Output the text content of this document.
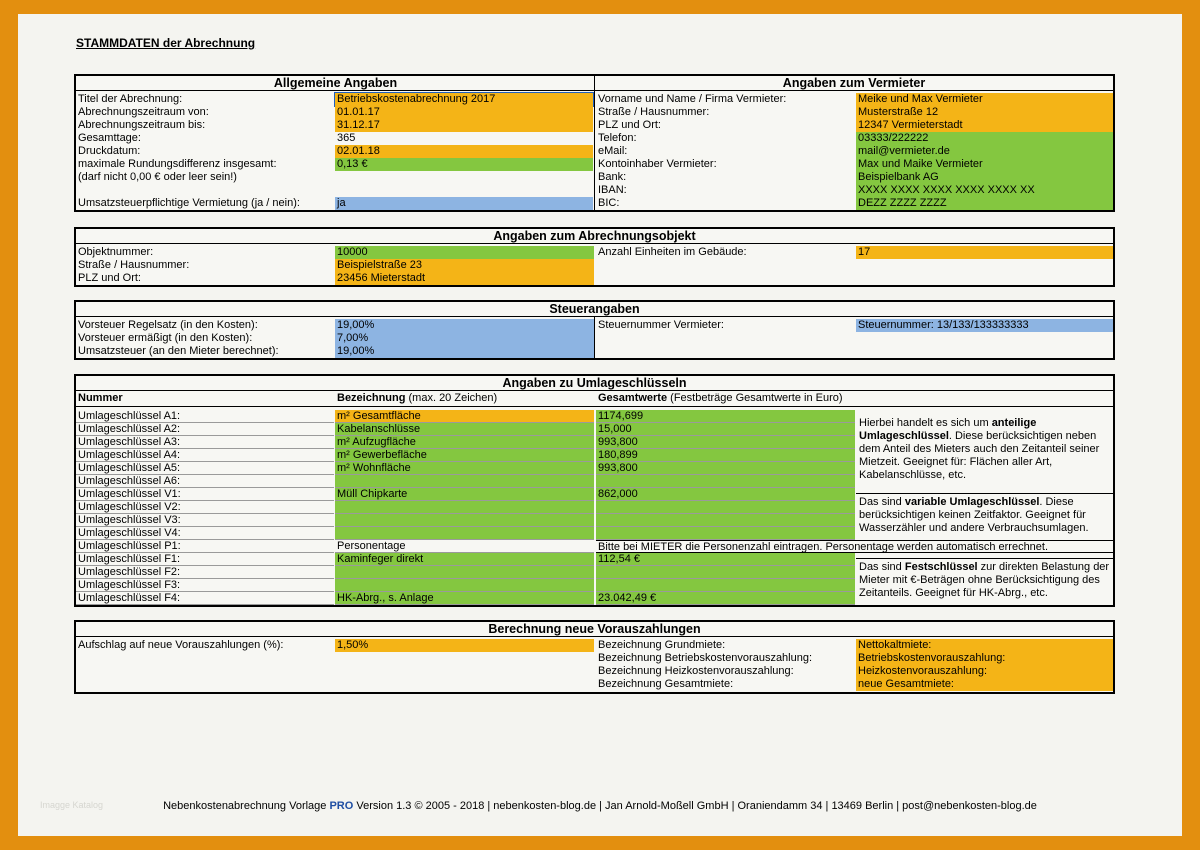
STAMMDATEN der Abrechnung
Allgemeine Angaben	Angaben zum Vermieter
Titel der Abrechnung:	Betriebskostenabrechnung 2017
Abrechnungszeitraum von:	01.01.17
Abrechnungszeitraum bis:	31.12.17
Gesamttage:	365
Druckdatum:	02.01.18
maximale Rundungsdifferenz insgesamt:	0,13 €
(darf nicht 0,00 € oder leer sein!)
Umsatzsteuerpflichtige Vermietung (ja / nein):	ja
Vorname und Name / Firma Vermieter:	Meike und Max Vermieter
Straße / Hausnummer:	Musterstraße 12
PLZ und Ort:	12347 Vermieterstadt
Telefon:	03333/222222
eMail:	mail@vermieter.de
Kontoinhaber Vermieter:	Max und Maike Vermieter
Bank:	Beispielbank AG
IBAN:	XXXX XXXX XXXX XXXX XXXX XX
BIC:	DEZZ ZZZZ ZZZZ
Angaben zum Abrechnungsobjekt
Objektnummer:	10000
Straße / Hausnummer:	Beispielstraße 23
PLZ und Ort:	23456 Mieterstadt
Anzahl Einheiten im Gebäude:	17
Steuerangaben
Vorsteuer Regelsatz (in den Kosten):	19,00%
Vorsteuer ermäßigt (in den Kosten):	7,00%
Umsatzsteuer (an den Mieter berechnet):	19,00%
Steuernummer Vermieter:	Steuernummer: 13/133/133333333
Angaben zu Umlageschlüsseln
Nummer	Bezeichnung (max. 20 Zeichen)	Gesamtwerte (Festbeträge Gesamtwerte in Euro)
Umlageschlüssel A1:	m² Gesamtfläche	1174,699
Umlageschlüssel A2:	Kabelanschlüsse	15,000
Umlageschlüssel A3:	m² Aufzugfläche	993,800
Umlageschlüssel A4:	m² Gewerbefläche	180,899
Umlageschlüssel A5:	m² Wohnfläche	993,800
Umlageschlüssel A6:
Umlageschlüssel V1:	Müll Chipkarte	862,000
Umlageschlüssel V2:
Umlageschlüssel V3:
Umlageschlüssel V4:
Umlageschlüssel P1:	Personentage	Bitte bei MIETER die Personenzahl eintragen. Personentage werden automatisch errechnet.
Umlageschlüssel F1:	Kaminfeger direkt	112,54 €
Umlageschlüssel F2:
Umlageschlüssel F3:
Umlageschlüssel F4:	HK-Abrg., s. Anlage	23.042,49 €
Hierbei handelt es sich um anteilige Umlageschlüssel. Diese berücksichtigen neben dem Anteil des Mieters auch den Zeitanteil seiner Mietzeit. Geeignet für: Flächen aller Art, Kabelanschlüsse, etc.
Das sind variable Umlageschlüssel. Diese berücksichtigen keinen Zeitfaktor. Geeignet für Wasserzähler und andere Verbrauchsumlagen.
Das sind Festschlüssel zur direkten Belastung der Mieter mit €-Beträgen ohne Berücksichtigung des Zeitanteils. Geeignet für HK-Abrg., etc.
Berechnung neue Vorauszahlungen
Aufschlag auf neue Vorauszahlungen (%):	1,50%	Bezeichnung Grundmiete:	Nettokaltmiete:
Bezeichnung Betriebskostenvorauszahlung:	Betriebskostenvorauszahlung:
Bezeichnung Heizkostenvorauszahlung:	Heizkostenvorauszahlung:
Bezeichnung Gesamtmiete:	neue Gesamtmiete:
Imagge Katalog	Nebenkostenabrechnung Vorlage PRO Version 1.3 © 2005 - 2018 | nebenkosten-blog.de | Jan Arnold-Moßell GmbH | Oraniendamm 34 | 13469 Berlin | post@nebenkosten-blog.de
